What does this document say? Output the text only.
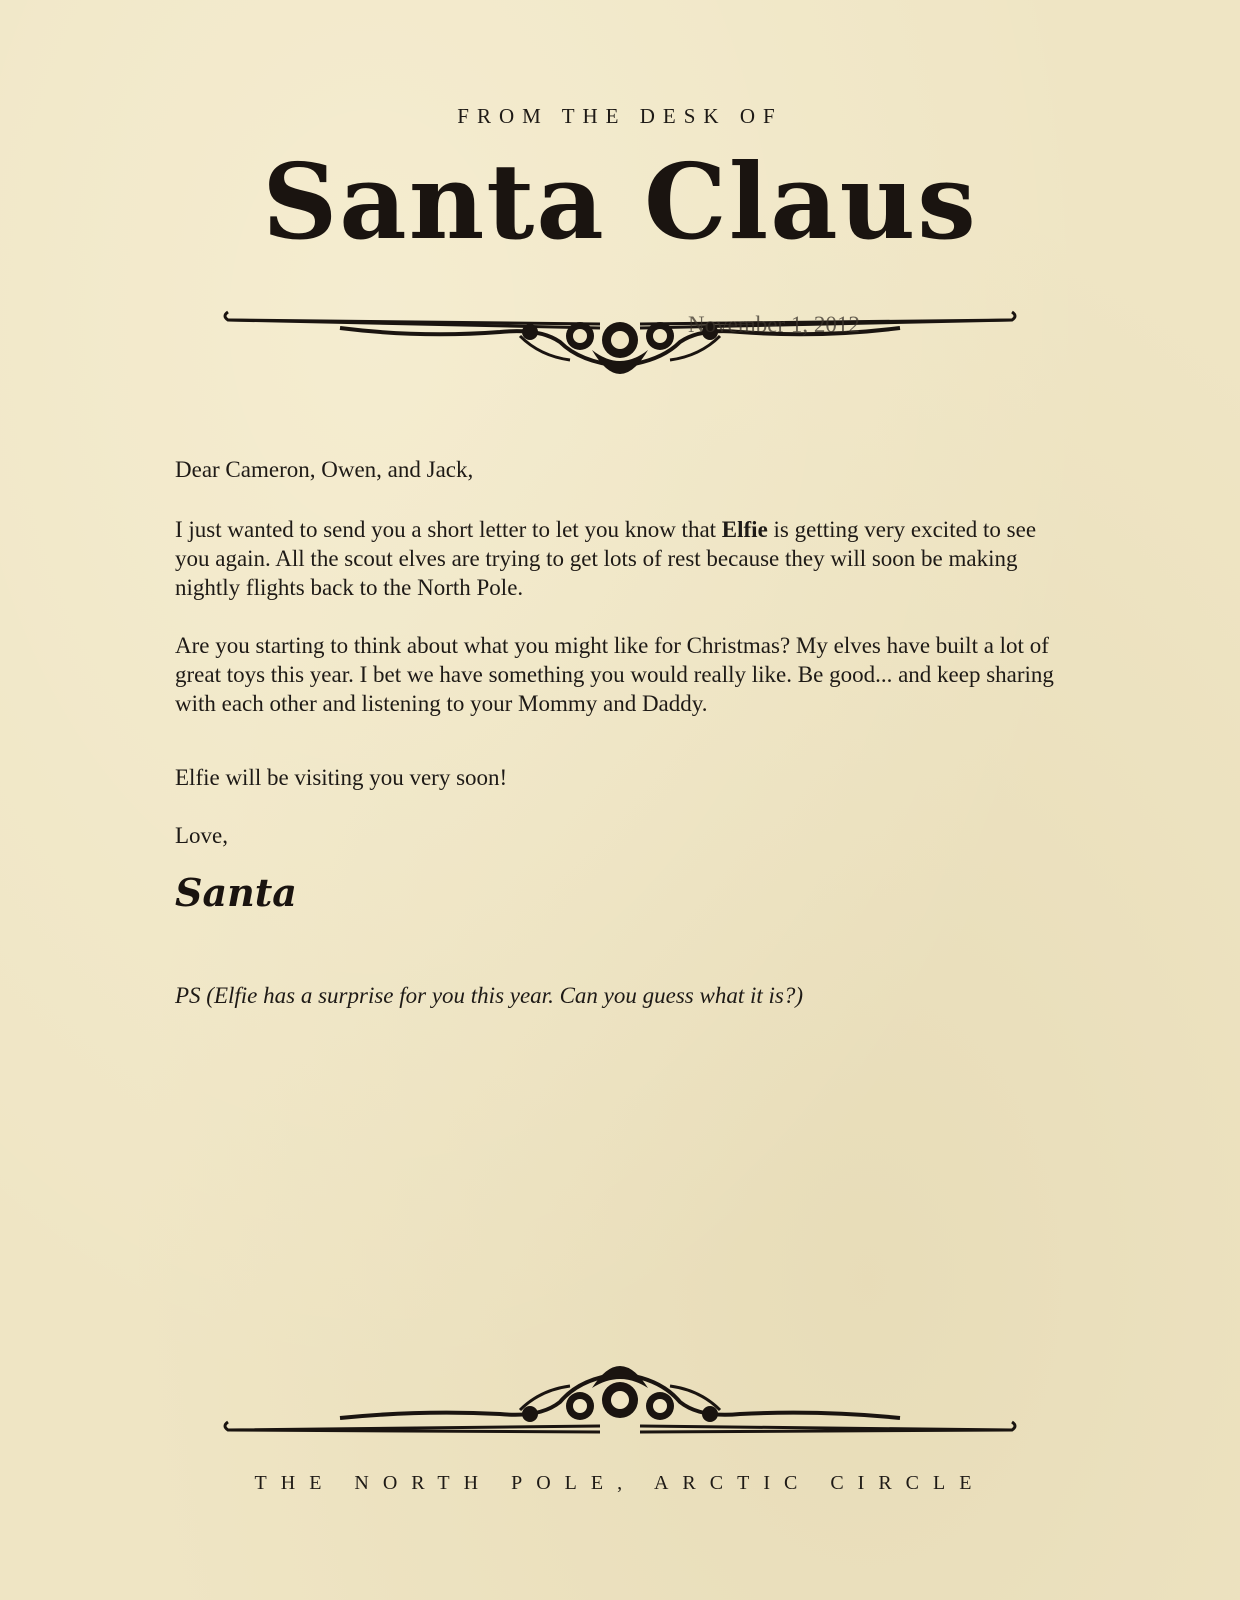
FROM THE DESK OF
Santa Claus
November 1, 2012

Dear Cameron, Owen, and Jack,

I just wanted to send you a short letter to let you know that Elfie is getting very excited to see you again. All the scout elves are trying to get lots of rest because they will soon be making nightly flights back to the North Pole.

Are you starting to think about what you might like for Christmas? My elves have built a lot of great toys this year. I bet we have something you would really like. Be good... and keep sharing with each other and listening to your Mommy and Daddy.

Elfie will be visiting you very soon!

Love,

Santa

PS (Elfie has a surprise for you this year. Can you guess what it is?)

THE NORTH POLE, ARCTIC CIRCLE
